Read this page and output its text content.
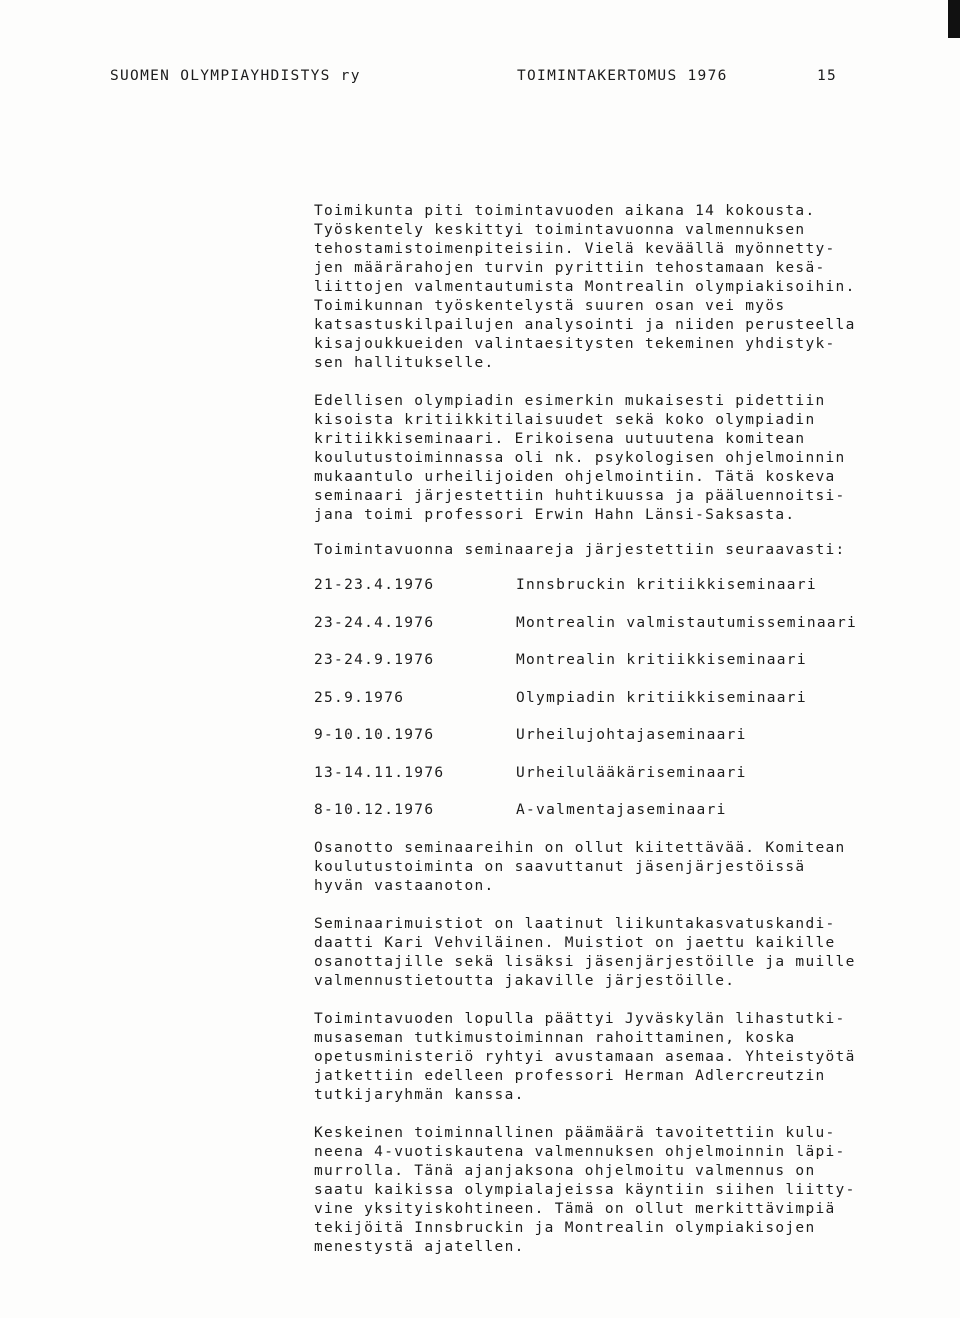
SUOMEN OLYMPIAYHDISTYS ry	TOIMINTAKERTOMUS 1976	15

Toimikunta piti toimintavuoden aikana 14 kokousta.
Työskentely keskittyi toimintavuonna valmennuksen
tehostamistoimenpiteisiin. Vielä keväällä myönnetty-
jen määrärahojen turvin pyrittiin tehostamaan kesä-
liittojen valmentautumista Montrealin olympiakisoihin.
Toimikunnan työskentelystä suuren osan vei myös
katsastuskilpailujen analysointi ja niiden perusteella
kisajoukkueiden valintaesitysten tekeminen yhdistyk-
sen hallitukselle.

Edellisen olympiadin esimerkin mukaisesti pidettiin
kisoista kritiikkitilaisuudet sekä koko olympiadin
kritiikkiseminaari. Erikoisena uutuutena komitean
koulutustoiminnassa oli nk. psykologisen ohjelmoinnin
mukaantulo urheilijoiden ohjelmointiin. Tätä koskeva
seminaari järjestettiin huhtikuussa ja pääluennoitsi-
jana toimi professori Erwin Hahn Länsi-Saksasta.

Toimintavuonna seminaareja järjestettiin seuraavasti:

21-23.4.1976	Innsbruckin kritiikkiseminaari
23-24.4.1976	Montrealin valmistautumisseminaari
23-24.9.1976	Montrealin kritiikkiseminaari
25.9.1976	Olympiadin kritiikkiseminaari
9-10.10.1976	Urheilujohtajaseminaari
13-14.11.1976	Urheilulääkäriseminaari
8-10.12.1976	A-valmentajaseminaari

Osanotto seminaareihin on ollut kiitettävää. Komitean
koulutustoiminta on saavuttanut jäsenjärjestöissä
hyvän vastaanoton.

Seminaarimuistiot on laatinut liikuntakasvatuskandi-
daatti Kari Vehviläinen. Muistiot on jaettu kaikille
osanottajille sekä lisäksi jäsenjärjestöille ja muille
valmennustietoutta jakaville järjestöille.

Toimintavuoden lopulla päättyi Jyväskylän lihastutki-
musaseman tutkimustoiminnan rahoittaminen, koska
opetusministeriö ryhtyi avustamaan asemaa. Yhteistyötä
jatkettiin edelleen professori Herman Adlercreutzin
tutkijaryhmän kanssa.

Keskeinen toiminnallinen päämäärä tavoitettiin kulu-
neena 4-vuotiskautena valmennuksen ohjelmoinnin läpi-
murrolla. Tänä ajanjaksona ohjelmoitu valmennus on
saatu kaikissa olympialajeissa käyntiin siihen liitty-
vine yksityiskohtineen. Tämä on ollut merkittävimpiä
tekijöitä Innsbruckin ja Montrealin olympiakisojen
menestystä ajatellen.
